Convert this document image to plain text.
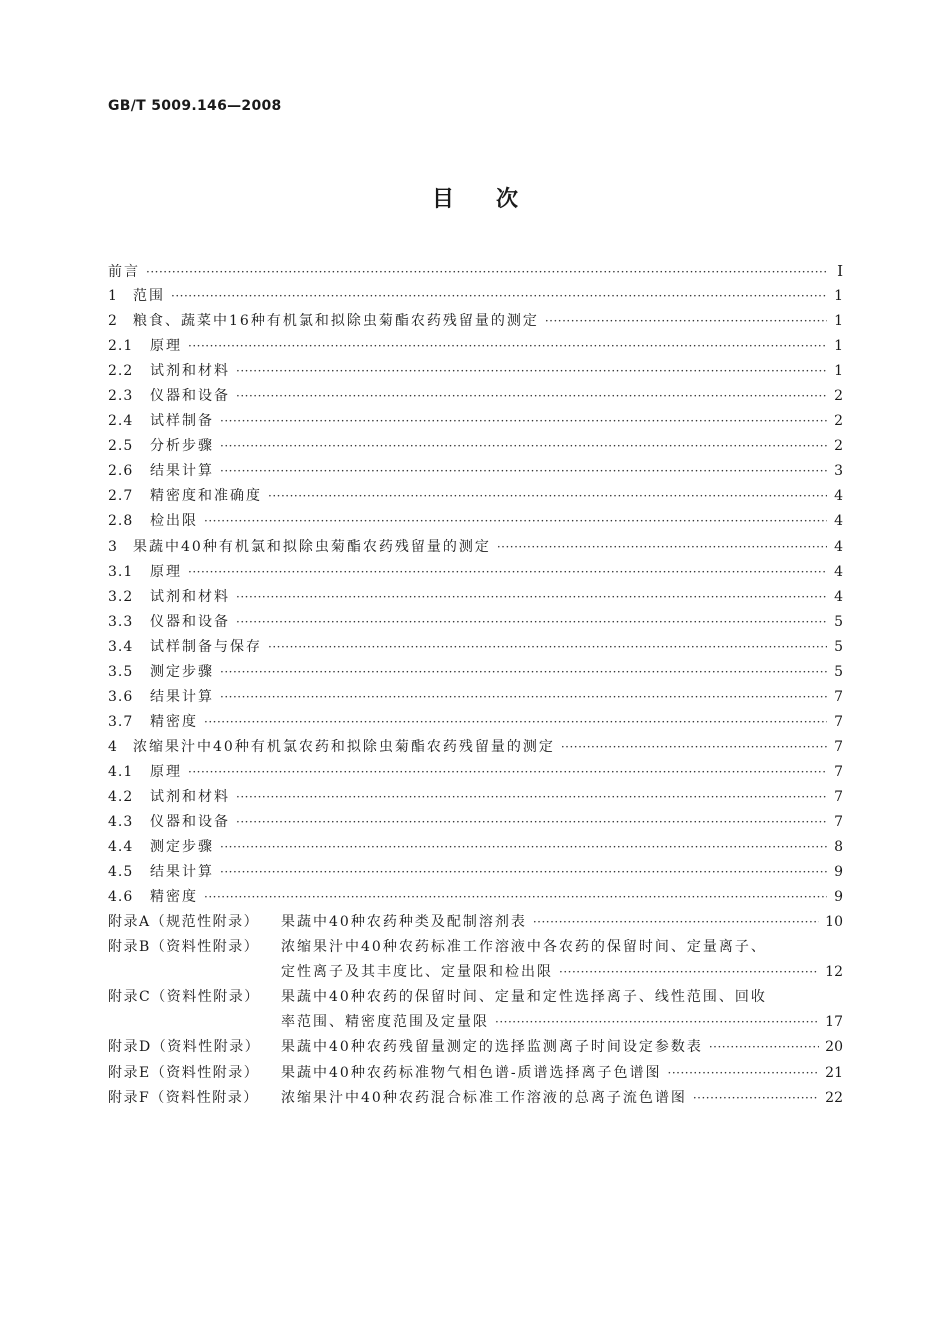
GB/T 5009.146—2008
目次
前言 ·····	Ⅰ
1	范围 ·····	1
2	粮食、蔬菜中16种有机氯和拟除虫菊酯农药残留量的测定 ·····	1
2.1	原理 ·····	1
2.2	试剂和材料 ·····	1
2.3	仪器和设备 ·····	2
2.4	试样制备 ·····	2
2.5	分析步骤 ·····	2
2.6	结果计算 ·····	3
2.7	精密度和准确度 ·····	4
2.8	检出限 ·····	4
3	果蔬中40种有机氯和拟除虫菊酯农药残留量的测定 ·····	4
3.1	原理 ·····	4
3.2	试剂和材料 ·····	4
3.3	仪器和设备 ·····	5
3.4	试样制备与保存 ·····	5
3.5	测定步骤 ·····	5
3.6	结果计算 ·····	7
3.7	精密度 ·····	7
4	浓缩果汁中40种有机氯农药和拟除虫菊酯农药残留量的测定 ·····	7
4.1	原理 ·····	7
4.2	试剂和材料 ·····	7
4.3	仪器和设备 ·····	7
4.4	测定步骤 ·····	8
4.5	结果计算 ·····	9
4.6	精密度 ·····	9
附录A（规范性附录）	果蔬中40种农药种类及配制溶剂表 ·····	10
附录B（资料性附录）	浓缩果汁中40种农药标准工作溶液中各农药的保留时间、定量离子、
定性离子及其丰度比、定量限和检出限 ·····	12
附录C（资料性附录）	果蔬中40种农药的保留时间、定量和定性选择离子、线性范围、回收
率范围、精密度范围及定量限 ·····	17
附录D（资料性附录）	果蔬中40种农药残留量测定的选择监测离子时间设定参数表 ·····	20
附录E（资料性附录）	果蔬中40种农药标准物气相色谱-质谱选择离子色谱图 ·····	21
附录F（资料性附录）	浓缩果汁中40种农药混合标准工作溶液的总离子流色谱图 ·····	22
